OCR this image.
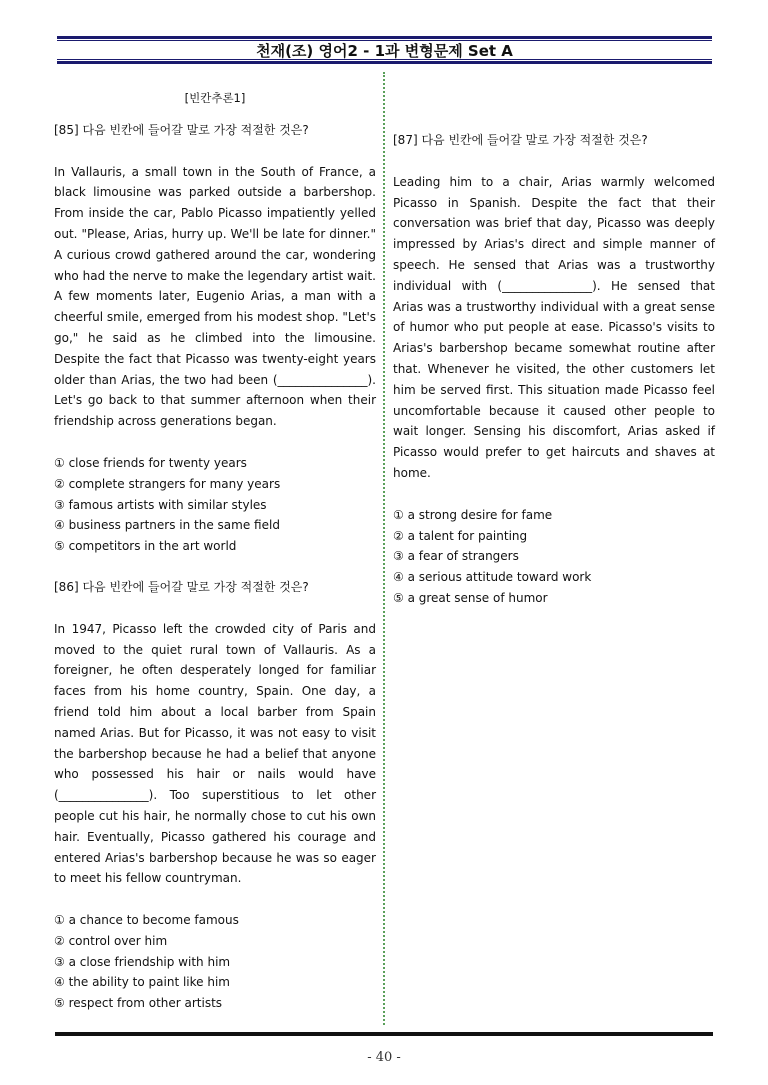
천재(조) 영어2 - 1과 변형문제 Set A
[빈칸추론1]
[85] 다음 빈칸에 들어갈 말로 가장 적절한 것은?
In Vallauris, a small town in the South of France, a black limousine was parked outside a barbershop. From inside the car, Pablo Picasso impatiently yelled out. "Please, Arias, hurry up. We'll be late for dinner." A curious crowd gathered around the car, wondering who had the nerve to make the legendary artist wait. A few moments later, Eugenio Arias, a man with a cheerful smile, emerged from his modest shop. "Let's go," he said as he climbed into the limousine. Despite the fact that Picasso was twenty-eight years older than Arias, the two had been (_______________). Let's go back to that summer afternoon when their friendship across generations began.
① close friends for twenty years
② complete strangers for many years
③ famous artists with similar styles
④ business partners in the same field
⑤ competitors in the art world
[86] 다음 빈칸에 들어갈 말로 가장 적절한 것은?
In 1947, Picasso left the crowded city of Paris and moved to the quiet rural town of Vallauris. As a foreigner, he often desperately longed for familiar faces from his home country, Spain. One day, a friend told him about a local barber from Spain named Arias. But for Picasso, it was not easy to visit the barbershop because he had a belief that anyone who possessed his hair or nails would have (_______________). Too superstitious to let other people cut his hair, he normally chose to cut his own hair. Eventually, Picasso gathered his courage and entered Arias's barbershop because he was so eager to meet his fellow countryman.
① a chance to become famous
② control over him
③ a close friendship with him
④ the ability to paint like him
⑤ respect from other artists
[87] 다음 빈칸에 들어갈 말로 가장 적절한 것은?
Leading him to a chair, Arias warmly welcomed Picasso in Spanish. Despite the fact that their conversation was brief that day, Picasso was deeply impressed by Arias's direct and simple manner of speech. He sensed that Arias was a trustworthy individual with (_______________). He sensed that Arias was a trustworthy individual with a great sense of humor who put people at ease. Picasso's visits to Arias's barbershop became somewhat routine after that. Whenever he visited, the other customers let him be served first. This situation made Picasso feel uncomfortable because it caused other people to wait longer. Sensing his discomfort, Arias asked if Picasso would prefer to get haircuts and shaves at home.
① a strong desire for fame
② a talent for painting
③ a fear of strangers
④ a serious attitude toward work
⑤ a great sense of humor
- 40 -
